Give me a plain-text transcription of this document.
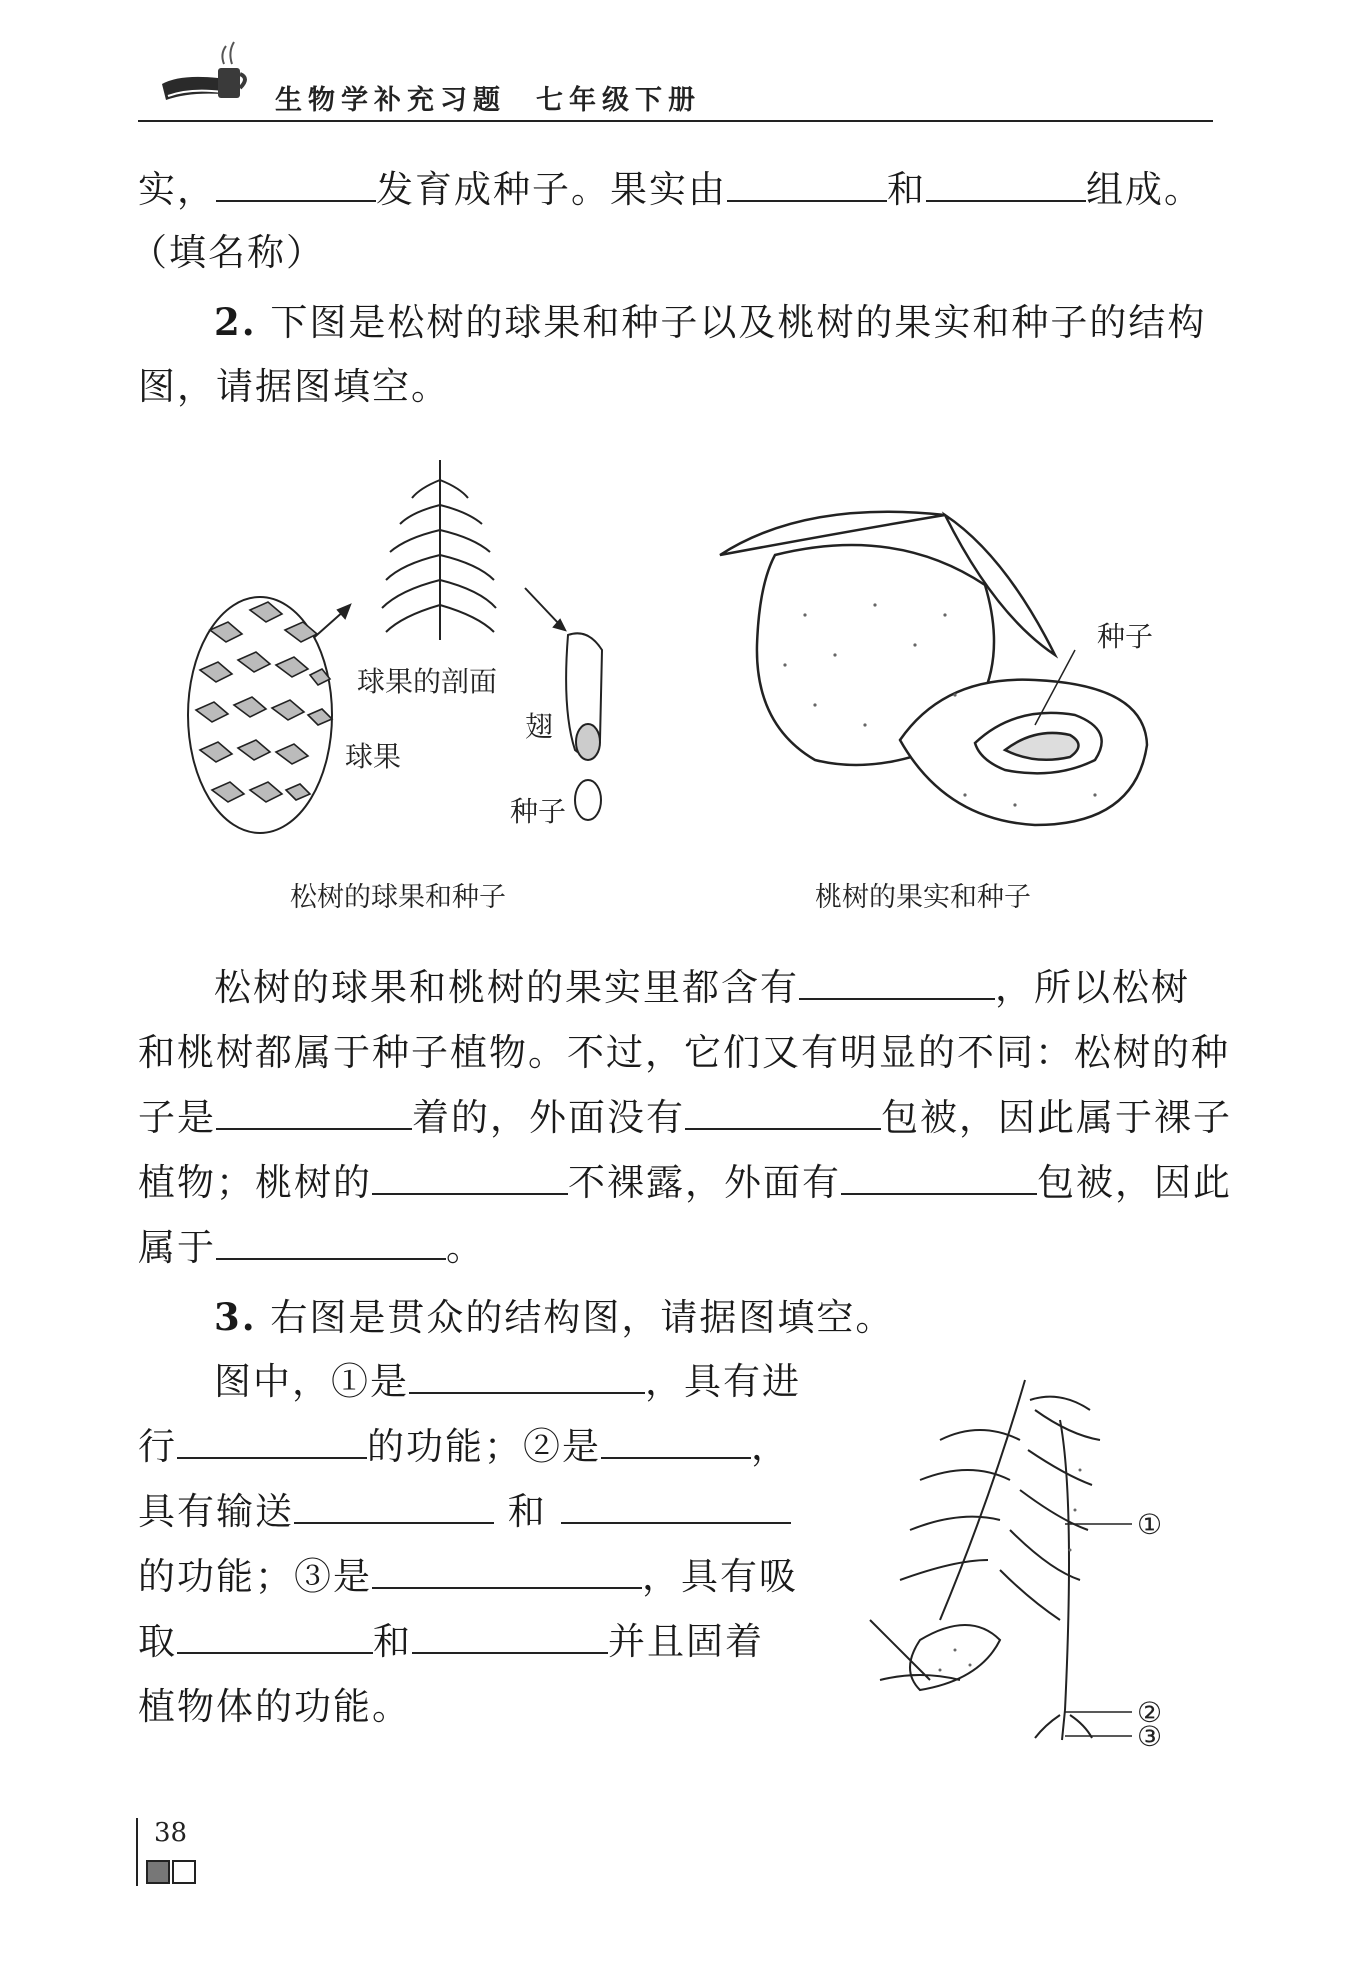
生物学补充习题 七年级下册
实，	发育成种子。果实由	和	组成。
（填名称）
2. 下图是松树的球果和种子以及桃树的果实和种子的结构
图，请据图填空。
球果的剖面
球果
翅
种子
松树的球果和种子
种子
桃树的果实和种子
松树的球果和桃树的果实里都含有	，所以松树
和桃树都属于种子植物。不过，它们又有明显的不同：松树的种
子是	着的，外面没有	包被，因此属于裸子
植物；桃树的	不裸露，外面有	包被，因此
属于	。
3. 右图是贯众的结构图，请据图填空。
图中，①是	，具有进
行	的功能；②是	，
具有输送	和
的功能；③是	，具有吸
取	和	并且固着
植物体的功能。
①
②
③
38
